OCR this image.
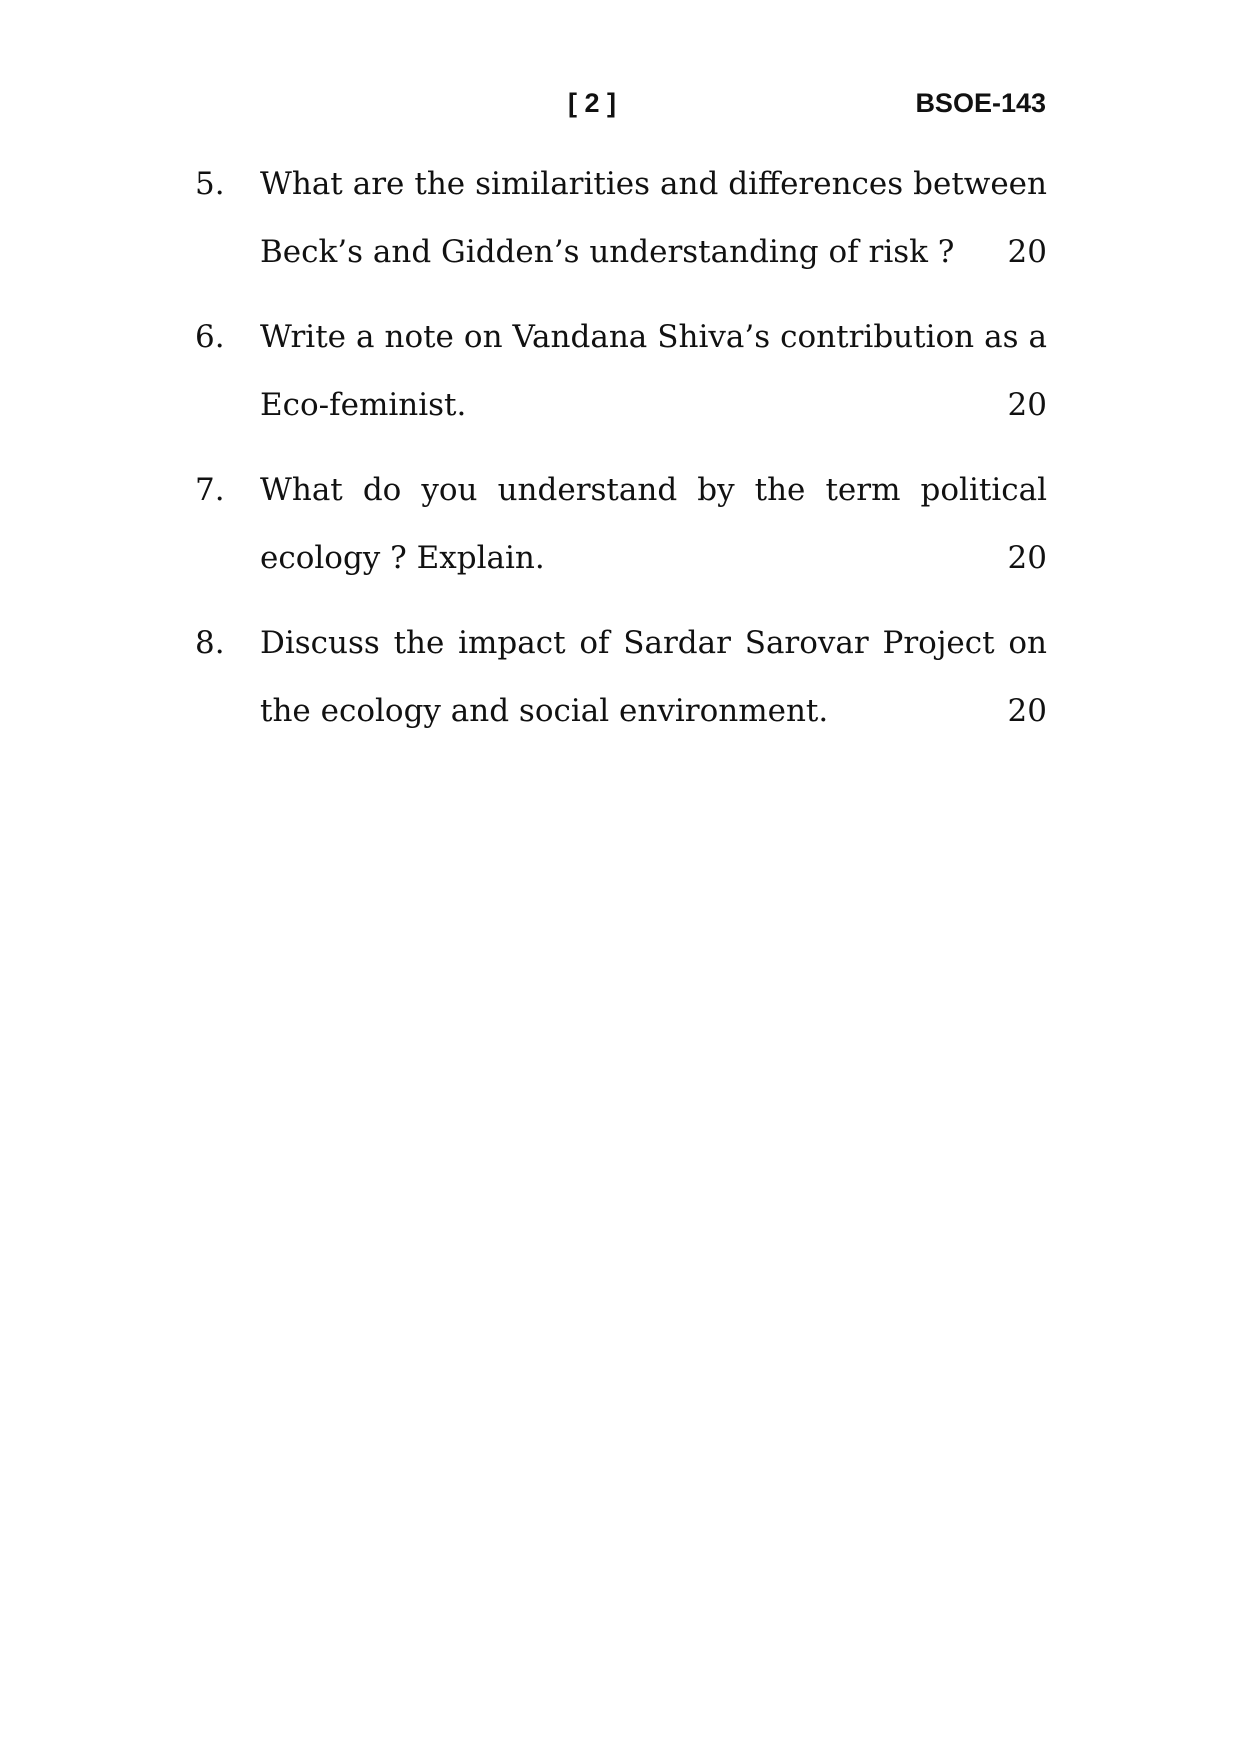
[ 2 ]	BSOE-143
5. What are the similarities and differences between Beck’s and Gidden’s understanding of risk ?	20
6. Write a note on Vandana Shiva’s contribution as a Eco-feminist.	20
7. What do you understand by the term political ecology ? Explain.	20
8. Discuss the impact of Sardar Sarovar Project on the ecology and social environment.	20
